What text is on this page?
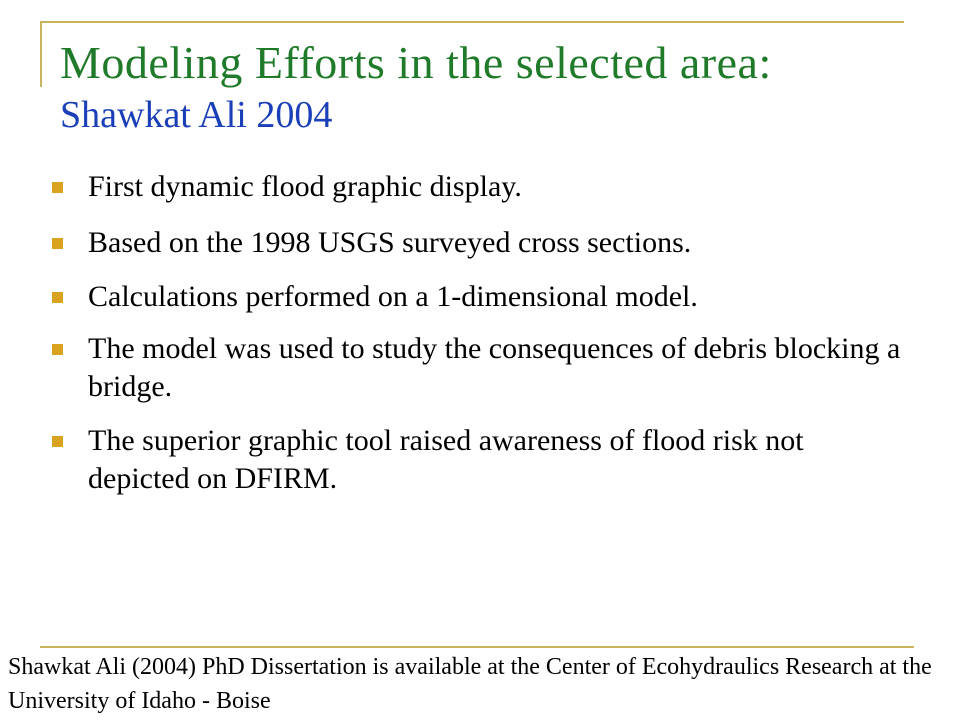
Modeling Efforts in the selected area:
Shawkat Ali 2004
First dynamic flood graphic display.
Based on the 1998 USGS surveyed cross sections.
Calculations performed on a 1-dimensional model.
The model was used to study the consequences of debris blocking a bridge.
The superior graphic tool raised awareness of flood risk not depicted on DFIRM.

Shawkat Ali (2004) PhD Dissertation is available at the Center of Ecohydraulics Research at the University of Idaho - Boise
